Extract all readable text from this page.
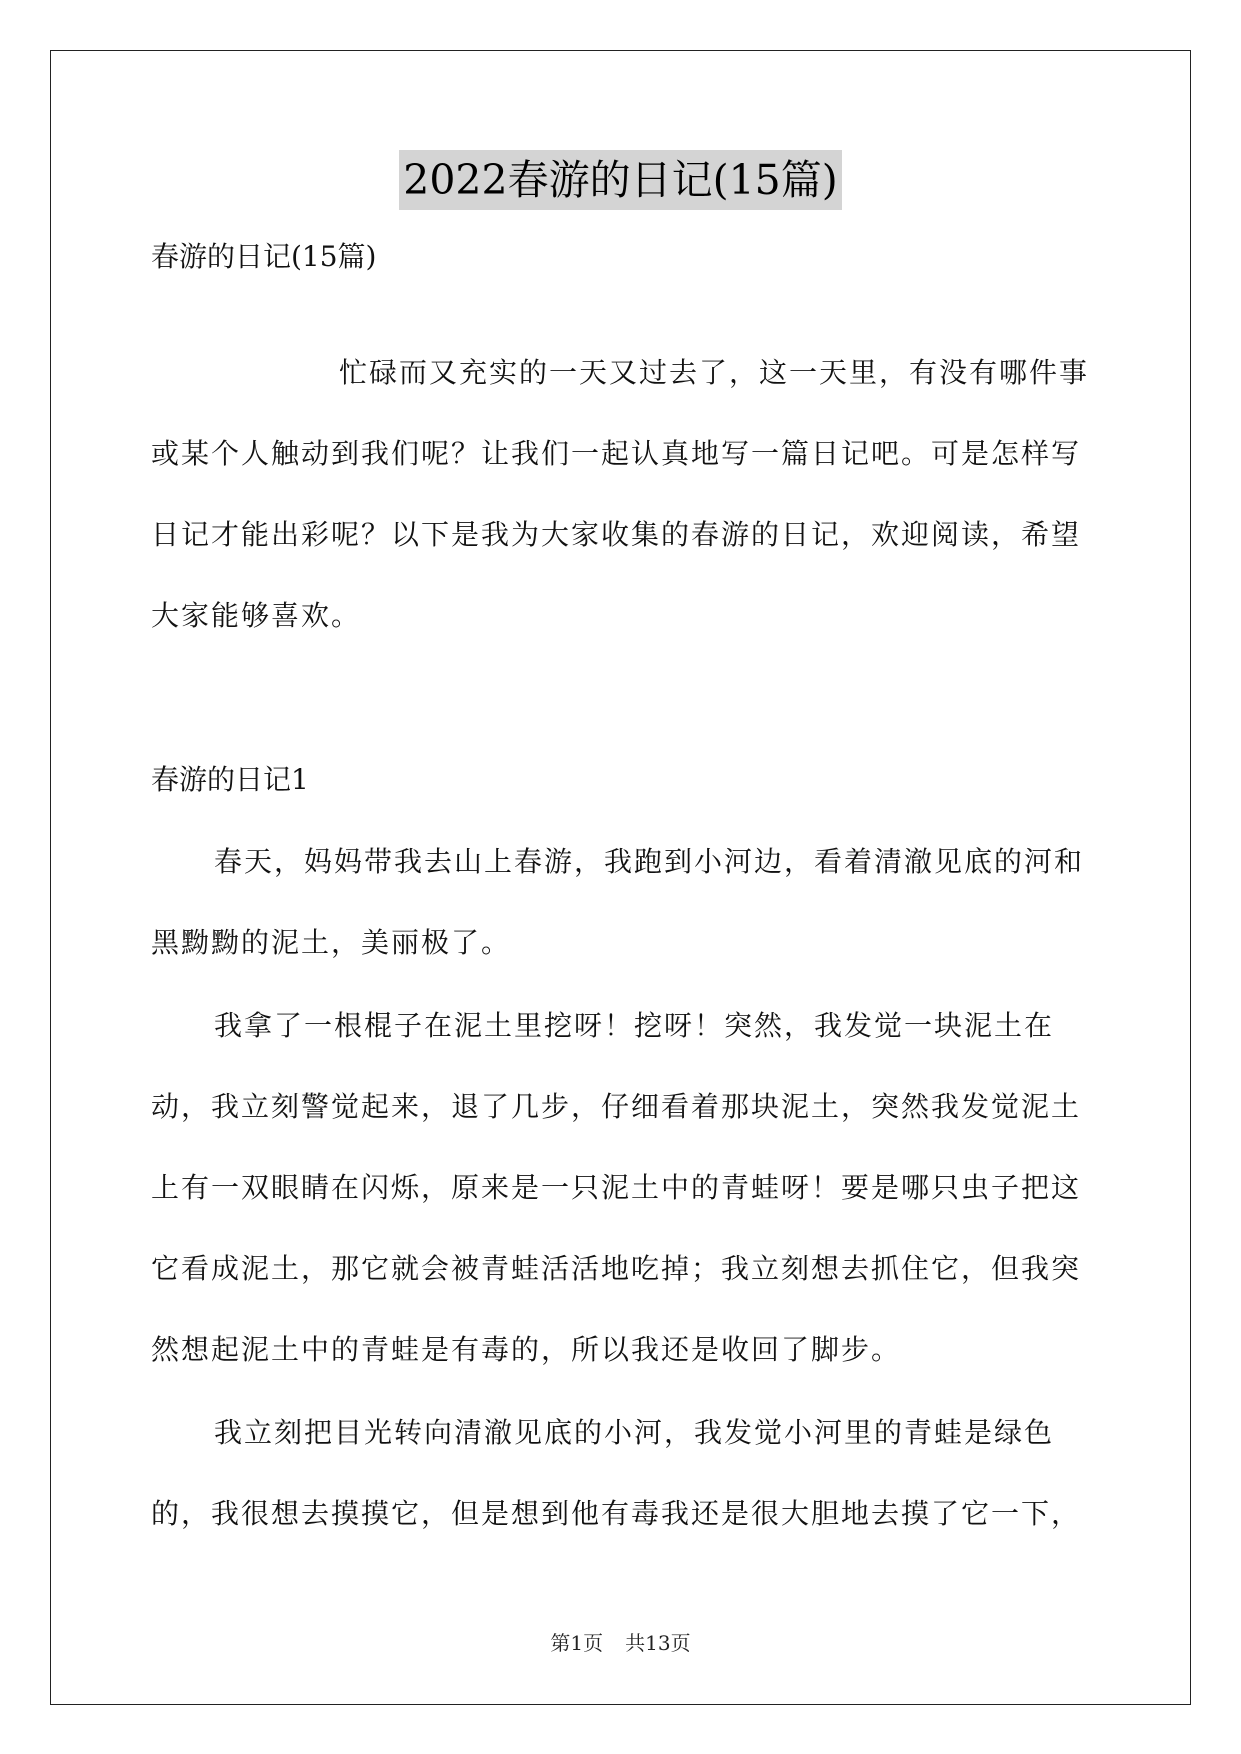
2022春游的日记(15篇)
春游的日记(15篇)

忙碌而又充实的一天又过去了，这一天里，有没有哪件事或某个人触动到我们呢？让我们一起认真地写一篇日记吧。可是怎样写日记才能出彩呢？以下是我为大家收集的春游的日记，欢迎阅读，希望大家能够喜欢。

春游的日记1

春天，妈妈带我去山上春游，我跑到小河边，看着清澈见底的河和黑黝黝的泥土，美丽极了。

我拿了一根棍子在泥土里挖呀！挖呀！突然，我发觉一块泥土在动，我立刻警觉起来，退了几步，仔细看着那块泥土，突然我发觉泥土上有一双眼睛在闪烁，原来是一只泥土中的青蛙呀！要是哪只虫子把这它看成泥土，那它就会被青蛙活活地吃掉；我立刻想去抓住它，但我突然想起泥土中的青蛙是有毒的，所以我还是收回了脚步。

我立刻把目光转向清澈见底的小河，我发觉小河里的青蛙是绿色的，我很想去摸摸它，但是想到他有毒我还是很大胆地去摸了它一下，

第1页 共13页
